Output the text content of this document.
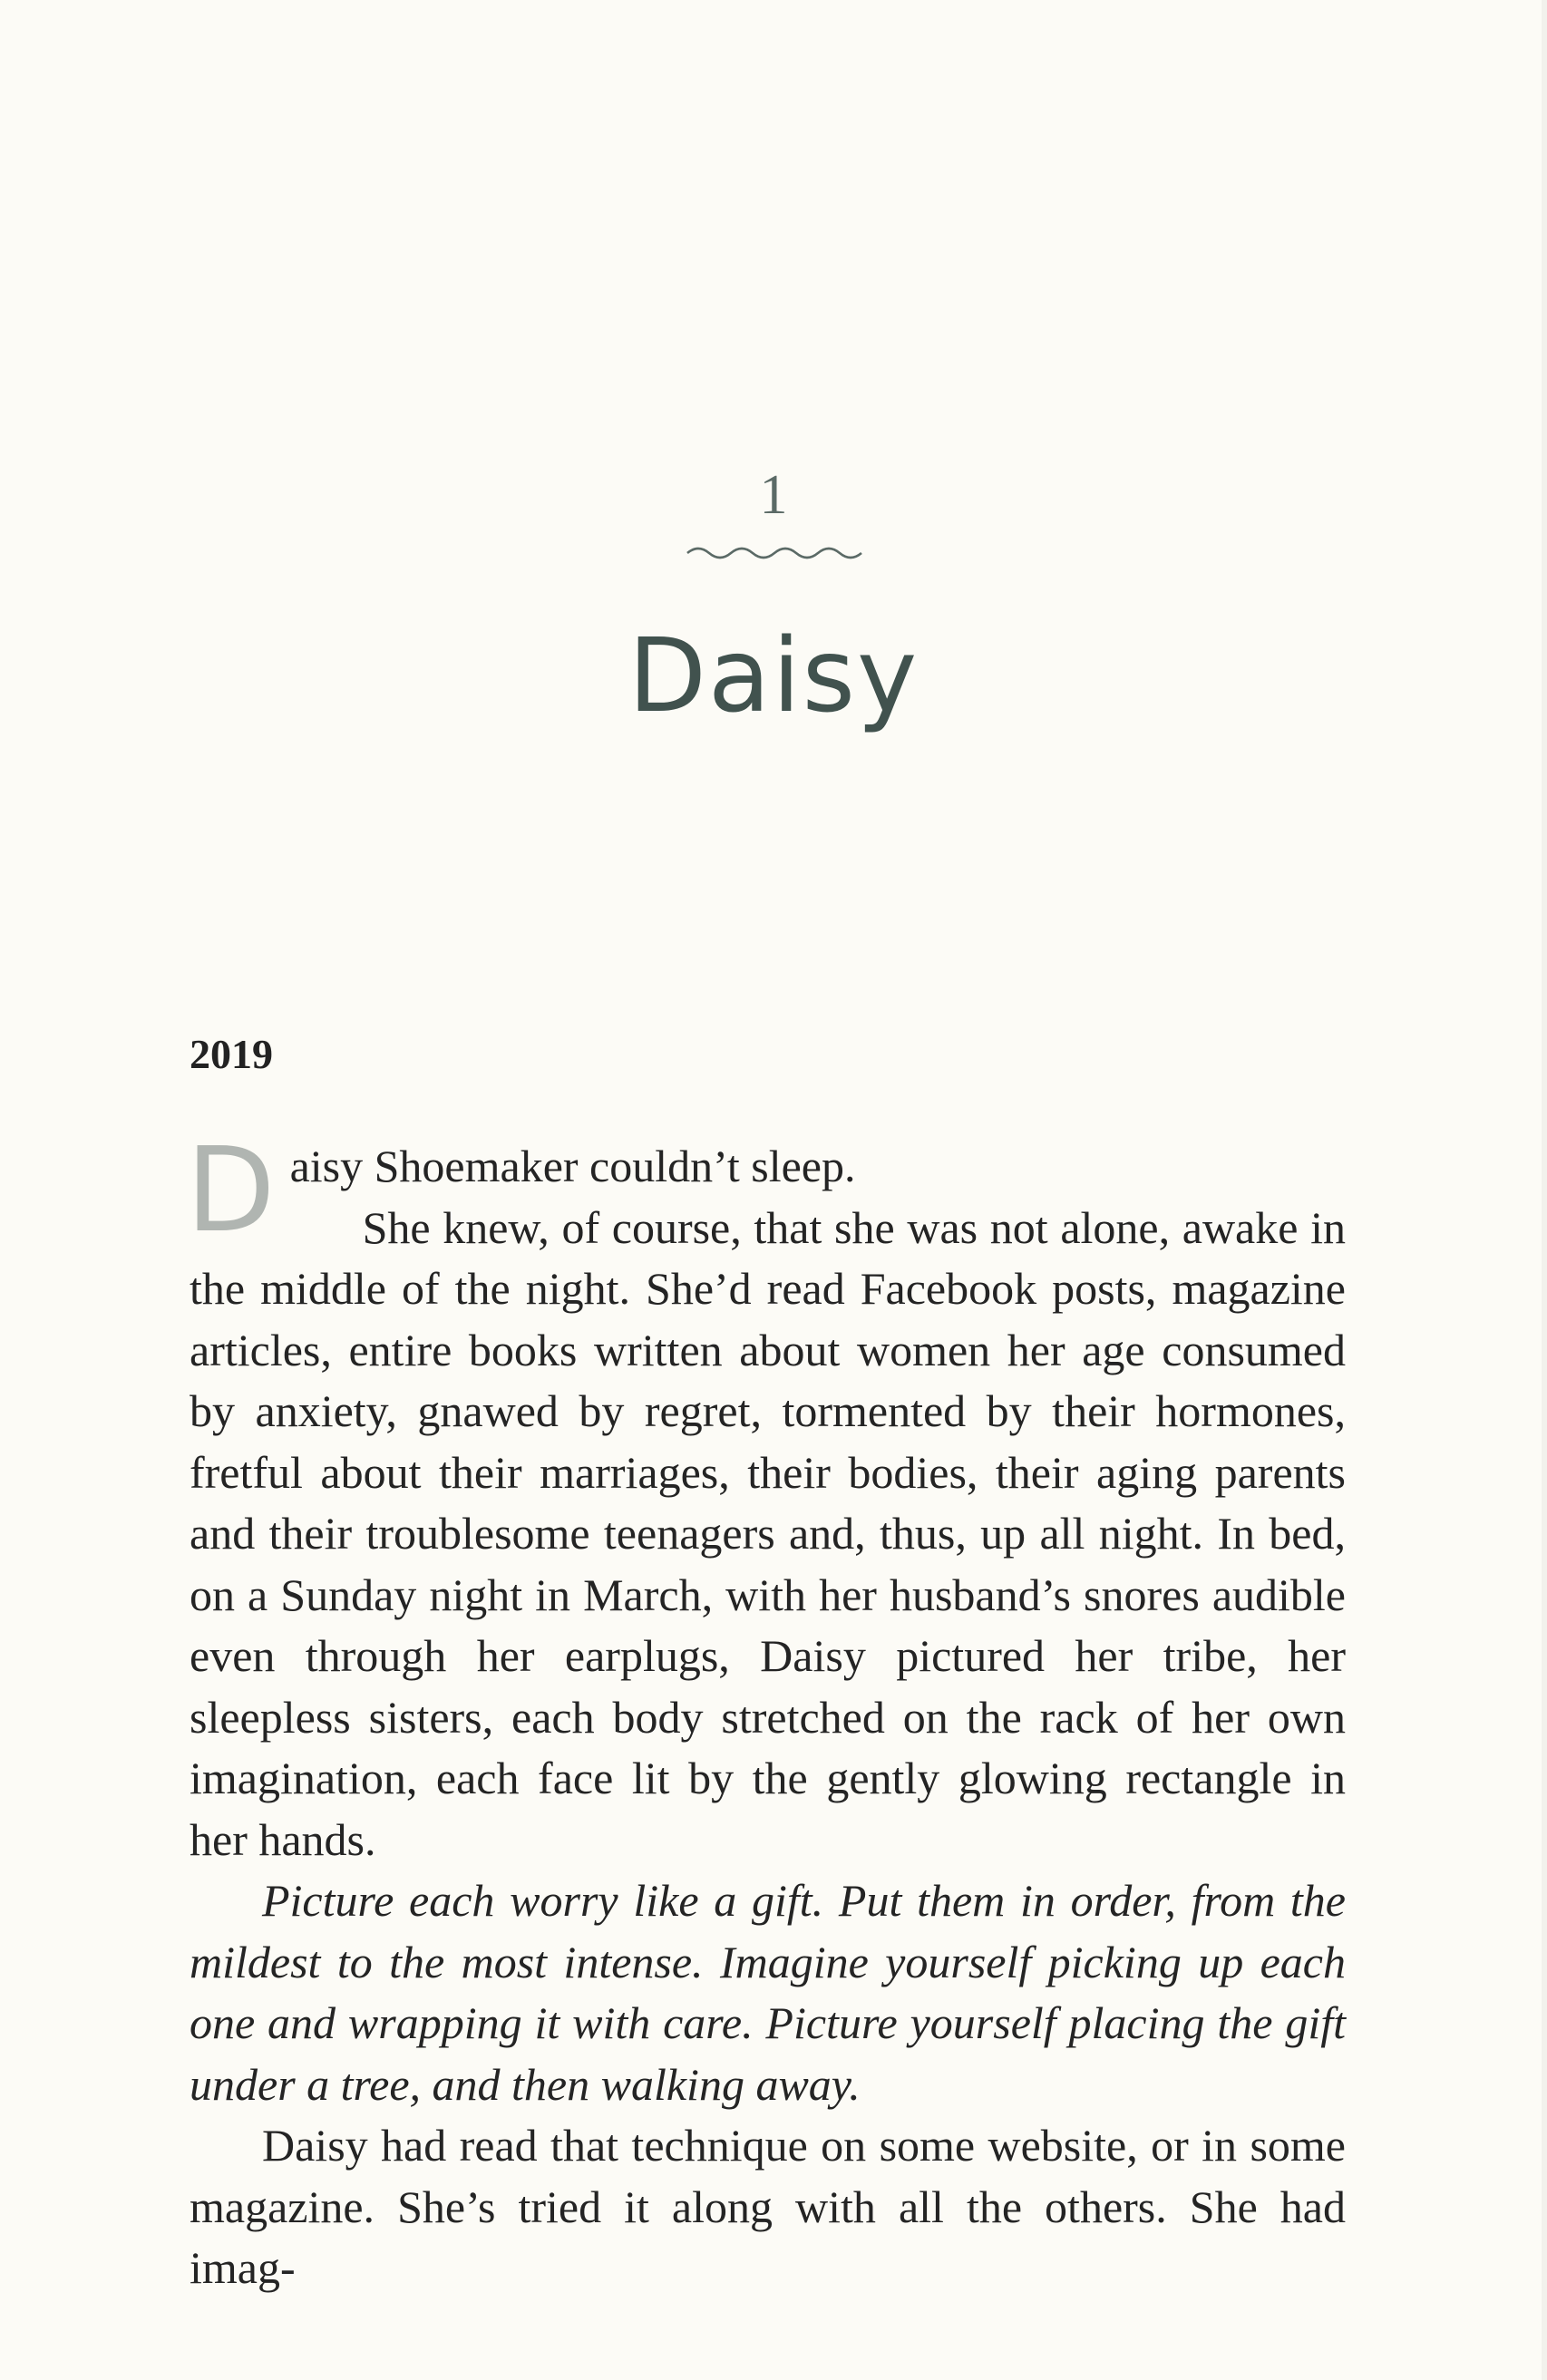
1
Daisy
2019

Daisy Shoemaker couldn’t sleep.

She knew, of course, that she was not alone, awake in the middle of the night. She’d read Facebook posts, magazine articles, entire books written about women her age consumed by anxiety, gnawed by regret, tormented by their hormones, fretful about their marriages, their bodies, their aging parents and their troublesome teenagers and, thus, up all night. In bed, on a Sunday night in March, with her husband’s snores audible even through her earplugs, Daisy pictured her tribe, her sleepless sisters, each body stretched on the rack of her own imagination, each face lit by the gently glowing rectangle in her hands.

Picture each worry like a gift. Put them in order, from the mildest to the most intense. Imagine yourself picking up each one and wrapping it with care. Picture yourself placing the gift under a tree, and then walking away.

Daisy had read that technique on some website, or in some magazine. She’s tried it along with all the others. She had imag-
